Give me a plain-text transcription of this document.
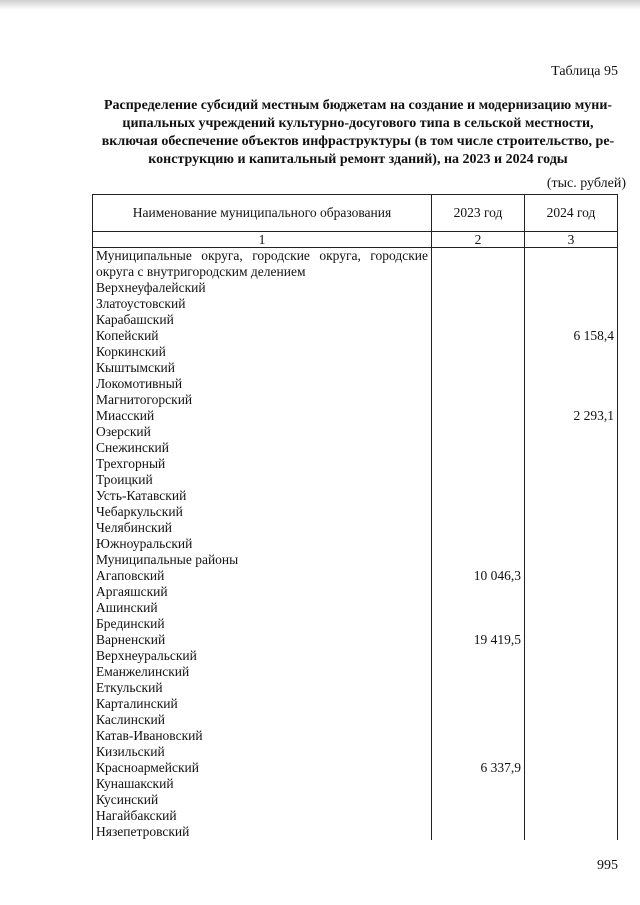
Таблица 95
Распределение субсидий местным бюджетам на создание и модернизацию муни-
ципальных учреждений культурно-досугового типа в сельской местности,
включая обеспечение объектов инфраструктуры (в том числе строительство, ре-
конструкцию и капитальный ремонт зданий), на 2023 и 2024 годы
(тыс. рублей)
Наименование муниципального образования	2023 год	2024 год
1	2	3
Муниципальные округа, городские округа, городские округа с внутригородским делением		
Верхнеуфалейский		
Златоустовский		
Карабашский		
Копейский		6 158,4
Коркинский		
Кыштымский		
Локомотивный		
Магнитогорский		
Миасский		2 293,1
Озерский		
Снежинский		
Трехгорный		
Троицкий		
Усть-Катавский		
Чебаркульский		
Челябинский		
Южноуральский		
Муниципальные районы		
Агаповский	10 046,3	
Аргаяшский		
Ашинский		
Брединский		
Варненский	19 419,5	
Верхнеуральский		
Еманжелинский		
Еткульский		
Карталинский		
Каслинский		
Катав-Ивановский		
Кизильский		
Красноармейский	6 337,9	
Кунашакский		
Кусинский		
Нагайбакский		
Нязепетровский		
995
